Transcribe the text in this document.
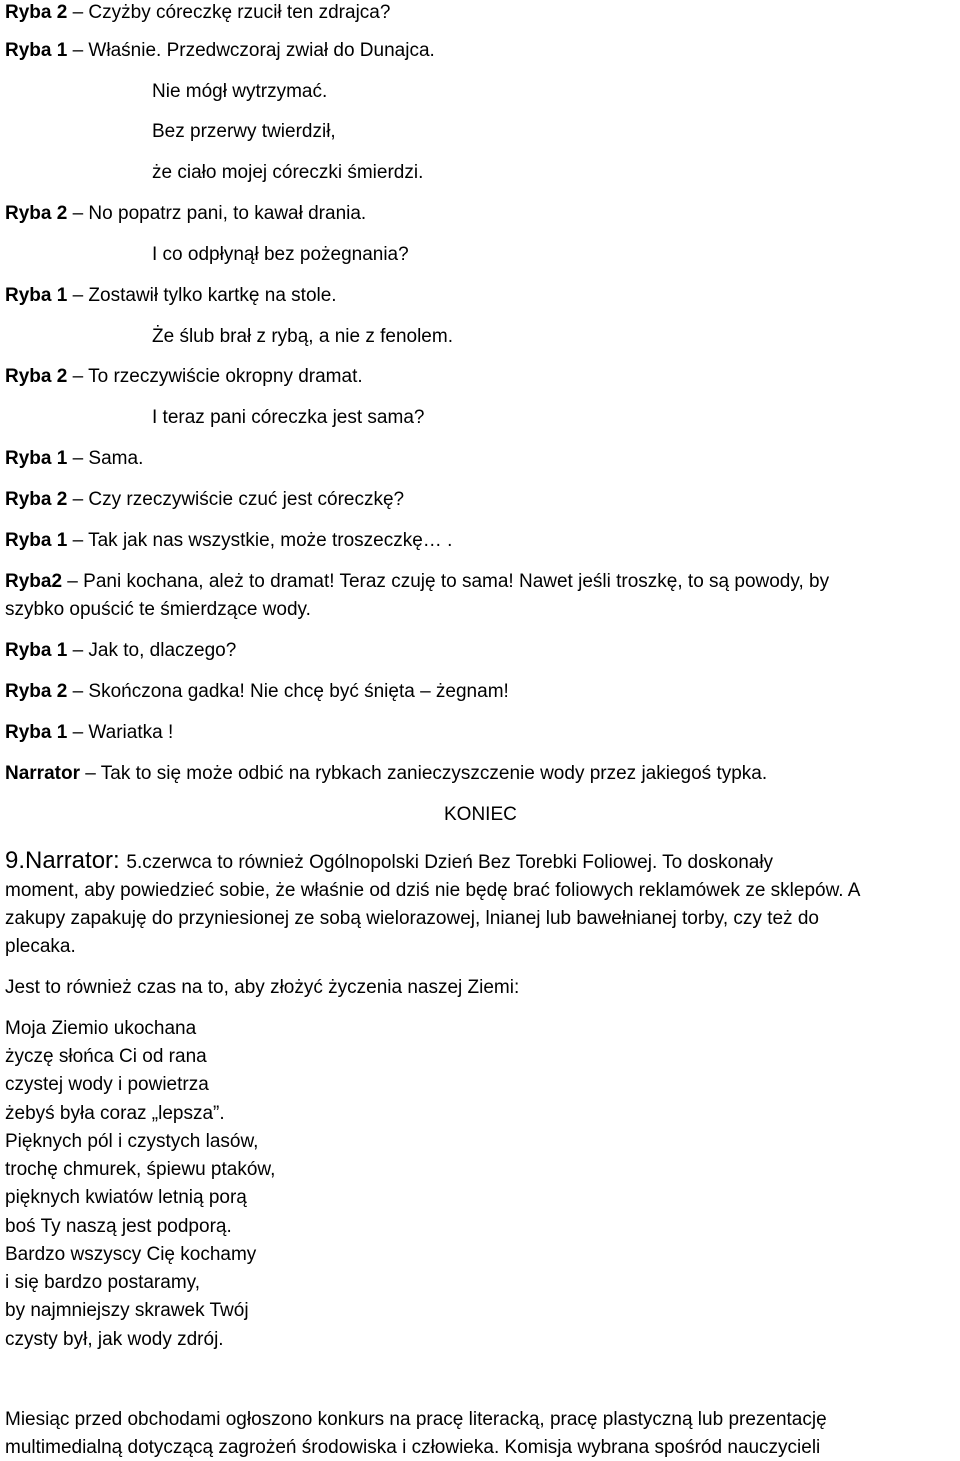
Ryba 2 – Czyżby córeczkę rzucił ten zdrajca?
Ryba 1 – Właśnie. Przedwczoraj zwiał do Dunajca.
Nie mógł wytrzymać.
Bez przerwy twierdził,
że ciało mojej córeczki śmierdzi.
Ryba 2 – No popatrz pani, to kawał drania.
I co odpłynął bez pożegnania?
Ryba 1 – Zostawił tylko kartkę na stole.
Że ślub brał z rybą, a nie z fenolem.
Ryba 2 – To rzeczywiście okropny dramat.
I teraz pani córeczka jest sama?
Ryba 1 – Sama.
Ryba 2 – Czy rzeczywiście czuć jest córeczkę?
Ryba 1 – Tak jak nas wszystkie, może troszeczkę… .
Ryba2 – Pani kochana, ależ to dramat! Teraz czuję to sama! Nawet jeśli troszkę, to są powody, by
szybko opuścić te śmierdzące wody.
Ryba 1 – Jak to, dlaczego?
Ryba 2 – Skończona gadka! Nie chcę być śnięta – żegnam!
Ryba 1 – Wariatka !
Narrator – Tak to się może odbić na rybkach zanieczyszczenie wody przez jakiegoś typka.
KONIEC
9.Narrator: 5.czerwca to również Ogólnopolski Dzień Bez Torebki Foliowej. To doskonały
moment, aby powiedzieć sobie, że właśnie od dziś nie będę brać foliowych reklamówek ze sklepów. A
zakupy zapakuję do przyniesionej ze sobą wielorazowej, lnianej lub bawełnianej torby, czy też do
plecaka.
Jest to również czas na to, aby złożyć życzenia naszej Ziemi:
Moja Ziemio ukochana
życzę słońca Ci od rana
czystej wody i powietrza
żebyś była coraz „lepsza”.
Pięknych pól i czystych lasów,
trochę chmurek, śpiewu ptaków,
pięknych kwiatów letnią porą
boś Ty naszą jest podporą.
Bardzo wszyscy Cię kochamy
i się bardzo postaramy,
by najmniejszy skrawek Twój
czysty był, jak wody zdrój.
Miesiąc przed obchodami ogłoszono konkurs na pracę literacką, pracę plastyczną lub prezentację
multimedialną dotyczącą zagrożeń środowiska i człowieka. Komisja wybrana spośród nauczycieli
